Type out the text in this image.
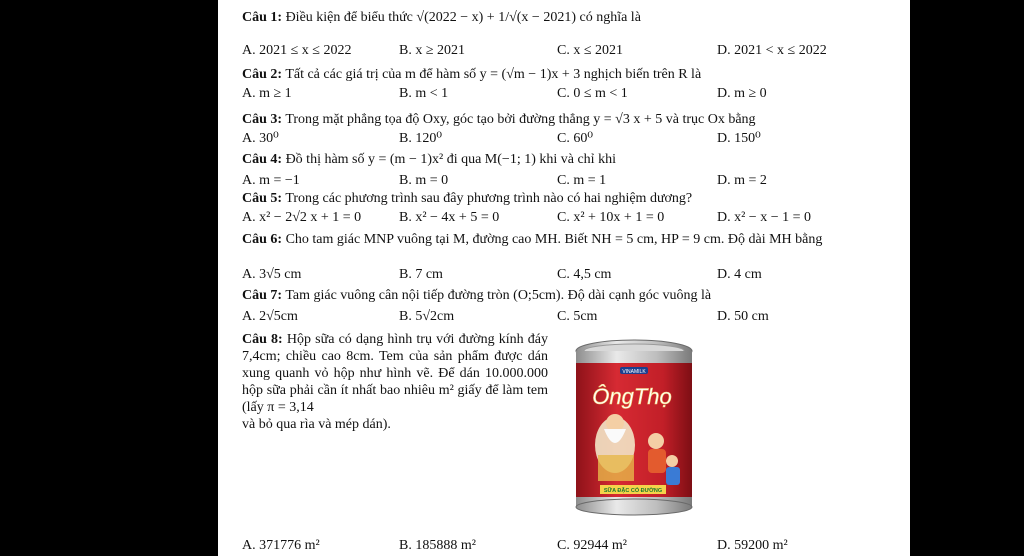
Câu 1: Điều kiện để biểu thức √(2022 − x) + 1/√(x − 2021) có nghĩa là
A. 2021 ≤ x ≤ 2022	B. x ≥ 2021	C. x ≤ 2021	D. 2021 < x ≤ 2022
Câu 2: Tất cả các giá trị của m để hàm số y = (√m − 1)x + 3 nghịch biến trên R là
A. m ≥ 1	B. m < 1	C. 0 ≤ m < 1	D. m ≥ 0
Câu 3: Trong mặt phẳng tọa độ Oxy, góc tạo bởi đường thẳng y = √3 x + 5 và trục Ox bằng
A. 30⁰	B. 120⁰	C. 60⁰	D. 150⁰
Câu 4: Đồ thị hàm số y = (m − 1)x² đi qua M(−1; 1) khi và chỉ khi
A. m = −1	B. m = 0	C. m = 1	D. m = 2
Câu 5: Trong các phương trình sau đây phương trình nào có hai nghiệm dương?
A. x² − 2√2 x + 1 = 0	B. x² − 4x + 5 = 0	C. x² + 10x + 1 = 0	D. x² − x − 1 = 0
Câu 6: Cho tam giác MNP vuông tại M, đường cao MH. Biết NH = 5 cm, HP = 9 cm. Độ dài MH bằng
A. 3√5 cm	B. 7 cm	C. 4,5 cm	D. 4 cm
Câu 7: Tam giác vuông cân nội tiếp đường tròn (O;5cm). Độ dài cạnh góc vuông là
A. 2√5cm	B. 5√2cm	C. 5cm	D. 50 cm
Câu 8: Hộp sữa có dạng hình trụ với đường kính đáy 7,4cm; chiều cao 8cm. Tem của sản phẩm được dán xung quanh vỏ hộp như hình vẽ. Để dán 10.000.000 hộp sữa phải cần ít nhất bao nhiêu m² giấy để làm tem (lấy π = 3,14
và bỏ qua rìa và mép dán).
VINAMILK
ÔngThọ
SỮA ĐẶC CÓ ĐƯỜNG
A. 371776 m²	B. 185888 m²	C. 92944 m²	D. 59200 m²
